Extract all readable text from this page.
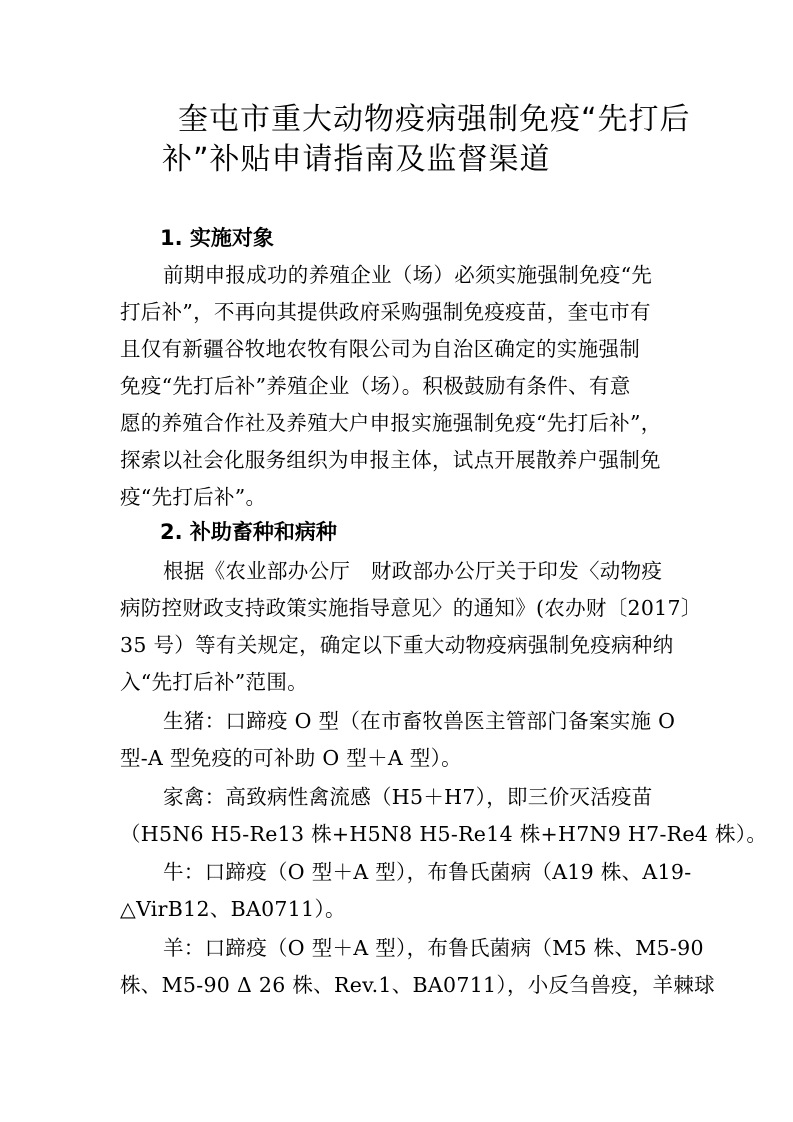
奎屯市重大动物疫病强制免疫“先打后
补”补贴申请指南及监督渠道
1. 实施对象
前期申报成功的养殖企业（场）必须实施强制免疫“先
打后补”，不再向其提供政府采购强制免疫疫苗，奎屯市有
且仅有新疆谷牧地农牧有限公司为自治区确定的实施强制
免疫“先打后补”养殖企业（场）。积极鼓励有条件、有意
愿的养殖合作社及养殖大户申报实施强制免疫“先打后补”，
探索以社会化服务组织为申报主体，试点开展散养户强制免
疫“先打后补”。
2. 补助畜种和病种
根据《农业部办公厅　财政部办公厅关于印发〈动物疫
病防控财政支持政策实施指导意见〉的通知》(农办财〔2017〕
35 号）等有关规定，确定以下重大动物疫病强制免疫病种纳
入“先打后补”范围。
生猪：口蹄疫 O 型（在市畜牧兽医主管部门备案实施 O
型-A 型免疫的可补助 O 型＋A 型）。
家禽：高致病性禽流感（H5＋H7），即三价灭活疫苗
（H5N6 H5-Re13 株+H5N8 H5-Re14 株+H7N9 H7-Re4 株）。
牛：口蹄疫（O 型＋A 型），布鲁氏菌病（A19 株、A19-
△VirB12、BA0711）。
羊：口蹄疫（O 型＋A 型），布鲁氏菌病（M5 株、M5-90
株、M5-90 Δ 26 株、Rev.1、BA0711），小反刍兽疫，羊棘球
